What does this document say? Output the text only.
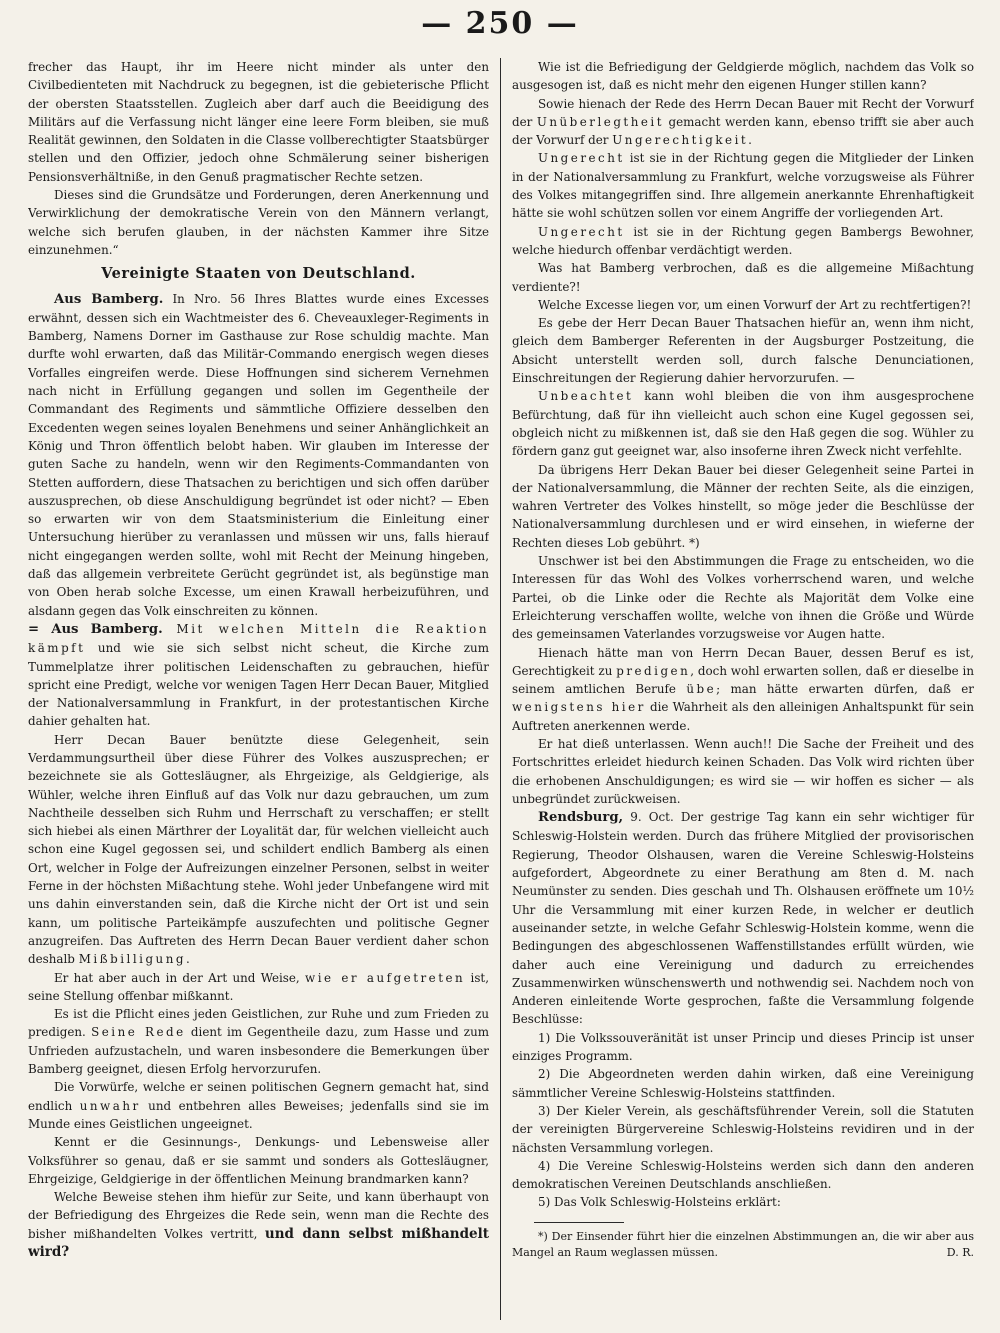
— 250 —

frecher das Haupt, ihr im Heere nicht minder als unter den Civilbedienteten mit Nachdruck zu begegnen, ist die gebieterische Pflicht der obersten Staatsstellen. Zugleich aber darf auch die Beeidigung des Militärs auf die Verfassung nicht länger eine leere Form bleiben, sie muß Realität gewinnen, den Soldaten in die Classe vollberechtigter Staatsbürger stellen und den Offizier, jedoch ohne Schmälerung seiner bisherigen Pensionsverhältniße, in den Genuß pragmatischer Rechte setzen.

Dieses sind die Grundsätze und Forderungen, deren Anerkennung und Verwirklichung der demokratische Verein von den Männern verlangt, welche sich berufen glauben, in der nächsten Kammer ihre Sitze einzunehmen.“

Vereinigte Staaten von Deutschland.

Aus Bamberg. In Nro. 56 Ihres Blattes wurde eines Excesses erwähnt, dessen sich ein Wachtmeister des 6. Cheveauxleger-Regiments in Bamberg, Namens Dorner im Gasthause zur Rose schuldig machte. Man durfte wohl erwarten, daß das Militär-Commando energisch wegen dieses Vorfalles eingreifen werde. Diese Hoffnungen sind sicherem Vernehmen nach nicht in Erfüllung gegangen und sollen im Gegentheile der Commandant des Regiments und sämmtliche Offiziere desselben den Excedenten wegen seines loyalen Benehmens und seiner Anhänglichkeit an König und Thron öffentlich belobt haben. Wir glauben im Interesse der guten Sache zu handeln, wenn wir den Regiments-Commandanten von Stetten auffordern, diese Thatsachen zu berichtigen und sich offen darüber auszusprechen, ob diese Anschuldigung begründet ist oder nicht? — Eben so erwarten wir von dem Staatsministerium die Einleitung einer Untersuchung hierüber zu veranlassen und müssen wir uns, falls hierauf nicht eingegangen werden sollte, wohl mit Recht der Meinung hingeben, daß das allgemein verbreitete Gerücht gegründet ist, als begünstige man von Oben herab solche Excesse, um einen Krawall herbeizuführen, und alsdann gegen das Volk einschreiten zu können.

= Aus Bamberg. Mit welchen Mitteln die Reaktion kämpft und wie sie sich selbst nicht scheut, die Kirche zum Tummelplatze ihrer politischen Leidenschaften zu gebrauchen, hiefür spricht eine Predigt, welche vor wenigen Tagen Herr Decan Bauer, Mitglied der Nationalversammlung in Frankfurt, in der protestantischen Kirche dahier gehalten hat.

Herr Decan Bauer benützte diese Gelegenheit, sein Verdammungsurtheil über diese Führer des Volkes auszusprechen; er bezeichnete sie als Gottesläugner, als Ehrgeizige, als Geldgierige, als Wühler, welche ihren Einfluß auf das Volk nur dazu gebrauchen, um zum Nachtheile desselben sich Ruhm und Herrschaft zu verschaffen; er stellt sich hiebei als einen Märthrer der Loyalität dar, für welchen vielleicht auch schon eine Kugel gegossen sei, und schildert endlich Bamberg als einen Ort, welcher in Folge der Aufreizungen einzelner Personen, selbst in weiter Ferne in der höchsten Mißachtung stehe. Wohl jeder Unbefangene wird mit uns dahin einverstanden sein, daß die Kirche nicht der Ort ist und sein kann, um politische Parteikämpfe auszufechten und politische Gegner anzugreifen. Das Auftreten des Herrn Decan Bauer verdient daher schon deshalb Mißbilligung.

Er hat aber auch in der Art und Weise, wie er aufgetreten ist, seine Stellung offenbar mißkannt.

Es ist die Pflicht eines jeden Geistlichen, zur Ruhe und zum Frieden zu predigen. Seine Rede dient im Gegentheile dazu, zum Hasse und zum Unfrieden aufzustacheln, und waren insbesondere die Bemerkungen über Bamberg geeignet, diesen Erfolg hervorzurufen.

Die Vorwürfe, welche er seinen politischen Gegnern gemacht hat, sind endlich unwahr und entbehren alles Beweises; jedenfalls sind sie im Munde eines Geistlichen ungeeignet.

Kennt er die Gesinnungs-, Denkungs- und Lebensweise aller Volksführer so genau, daß er sie sammt und sonders als Gottesläugner, Ehrgeizige, Geldgierige in der öffentlichen Meinung brandmarken kann?

Welche Beweise stehen ihm hiefür zur Seite, und kann überhaupt von der Befriedigung des Ehrgeizes die Rede sein, wenn man die Rechte des bisher mißhandelten Volkes vertritt, und dann selbst mißhandelt wird?

Wie ist die Befriedigung der Geldgierde möglich, nachdem das Volk so ausgesogen ist, daß es nicht mehr den eigenen Hunger stillen kann?

Sowie hienach der Rede des Herrn Decan Bauer mit Recht der Vorwurf der Unüberlegtheit gemacht werden kann, ebenso trifft sie aber auch der Vorwurf der Ungerechtigkeit.

Ungerecht ist sie in der Richtung gegen die Mitglieder der Linken in der Nationalversammlung zu Frankfurt, welche vorzugsweise als Führer des Volkes mitangegriffen sind. Ihre allgemein anerkannte Ehrenhaftigkeit hätte sie wohl schützen sollen vor einem Angriffe der vorliegenden Art.

Ungerecht ist sie in der Richtung gegen Bambergs Bewohner, welche hiedurch offenbar verdächtigt werden.

Was hat Bamberg verbrochen, daß es die allgemeine Mißachtung verdiente?!

Welche Excesse liegen vor, um einen Vorwurf der Art zu rechtfertigen?!

Es gebe der Herr Decan Bauer Thatsachen hiefür an, wenn ihm nicht, gleich dem Bamberger Referenten in der Augsburger Postzeitung, die Absicht unterstellt werden soll, durch falsche Denunciationen, Einschreitungen der Regierung dahier hervorzurufen. —

Unbeachtet kann wohl bleiben die von ihm ausgesprochene Befürchtung, daß für ihn vielleicht auch schon eine Kugel gegossen sei, obgleich nicht zu mißkennen ist, daß sie den Haß gegen die sog. Wühler zu fördern ganz gut geeignet war, also insoferne ihren Zweck nicht verfehlte.

Da übrigens Herr Dekan Bauer bei dieser Gelegenheit seine Partei in der Nationalversammlung, die Männer der rechten Seite, als die einzigen, wahren Vertreter des Volkes hinstellt, so möge jeder die Beschlüsse der Nationalversammlung durchlesen und er wird einsehen, in wieferne der Rechten dieses Lob gebührt. *)

Unschwer ist bei den Abstimmungen die Frage zu entscheiden, wo die Interessen für das Wohl des Volkes vorherrschend waren, und welche Partei, ob die Linke oder die Rechte als Majorität dem Volke eine Erleichterung verschaffen wollte, welche von ihnen die Größe und Würde des gemeinsamen Vaterlandes vorzugsweise vor Augen hatte.

Hienach hätte man von Herrn Decan Bauer, dessen Beruf es ist, Gerechtigkeit zu predigen, doch wohl erwarten sollen, daß er dieselbe in seinem amtlichen Berufe übe; man hätte erwarten dürfen, daß er wenigstens hier die Wahrheit als den alleinigen Anhaltspunkt für sein Auftreten anerkennen werde.

Er hat dieß unterlassen. Wenn auch!! Die Sache der Freiheit und des Fortschrittes erleidet hiedurch keinen Schaden. Das Volk wird richten über die erhobenen Anschuldigungen; es wird sie — wir hoffen es sicher — als unbegründet zurückweisen.

Rendsburg, 9. Oct. Der gestrige Tag kann ein sehr wichtiger für Schleswig-Holstein werden. Durch das frühere Mitglied der provisorischen Regierung, Theodor Olshausen, waren die Vereine Schleswig-Holsteins aufgefordert, Abgeordnete zu einer Berathung am 8ten d. M. nach Neumünster zu senden. Dies geschah und Th. Olshausen eröffnete um 10½ Uhr die Versammlung mit einer kurzen Rede, in welcher er deutlich auseinander setzte, in welche Gefahr Schleswig-Holstein komme, wenn die Bedingungen des abgeschlossenen Waffenstillstandes erfüllt würden, wie daher auch eine Vereinigung und dadurch zu erreichendes Zusammenwirken wünschenswerth und nothwendig sei. Nachdem noch von Anderen einleitende Worte gesprochen, faßte die Versammlung folgende Beschlüsse:

1) Die Volkssouveränität ist unser Princip und dieses Princip ist unser einziges Programm.

2) Die Abgeordneten werden dahin wirken, daß eine Vereinigung sämmtlicher Vereine Schleswig-Holsteins stattfinden.

3) Der Kieler Verein, als geschäftsführender Verein, soll die Statuten der vereinigten Bürgervereine Schleswig-Holsteins revidiren und in der nächsten Versammlung vorlegen.

4) Die Vereine Schleswig-Holsteins werden sich dann den anderen demokratischen Vereinen Deutschlands anschließen.

5) Das Volk Schleswig-Holsteins erklärt:

*) Der Einsender führt hier die einzelnen Abstimmungen an, die wir aber aus Mangel an Raum weglassen müssen.	D. R.
